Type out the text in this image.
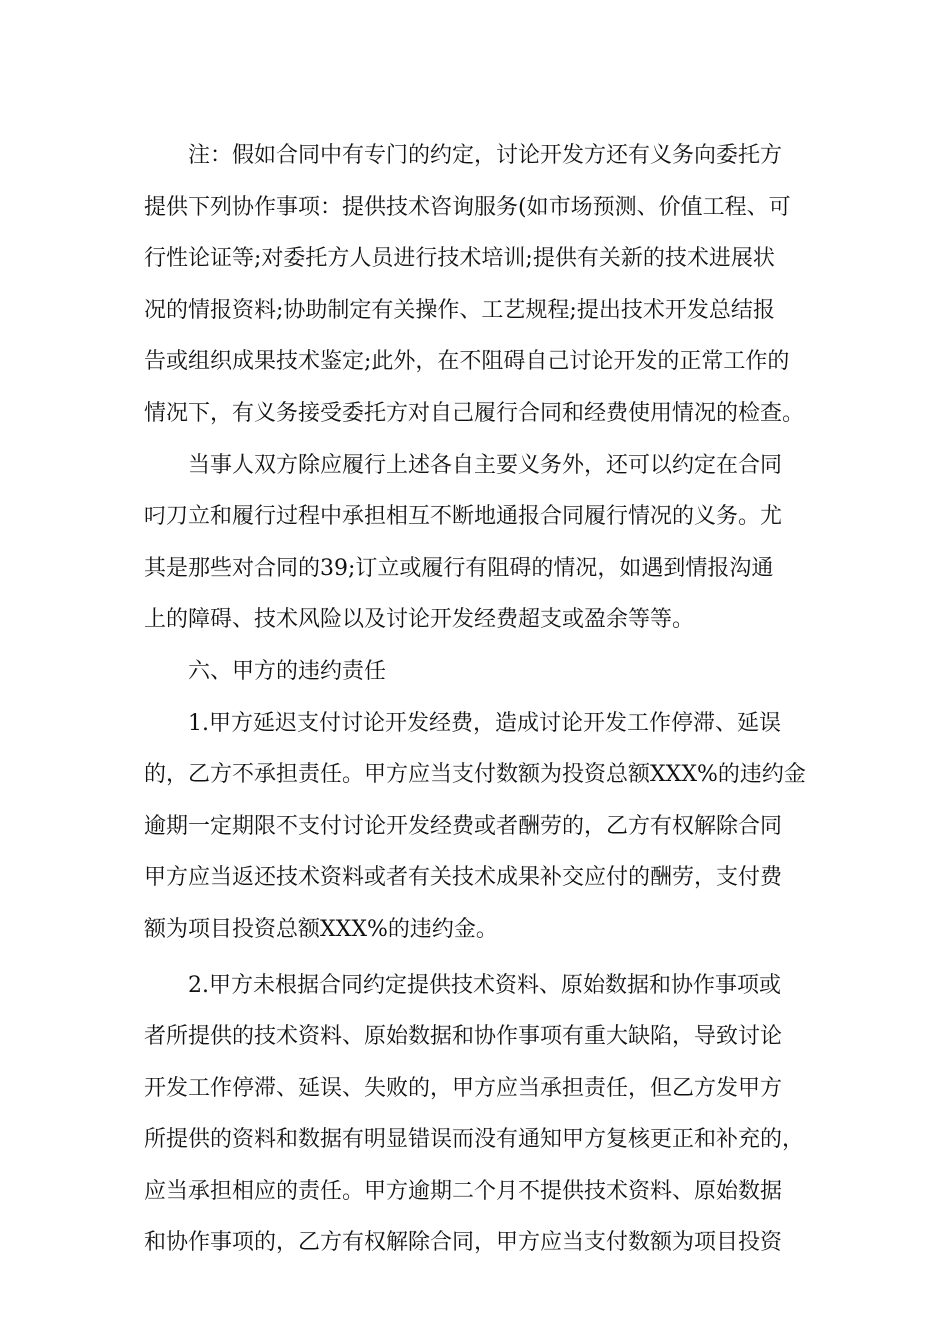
注：假如合同中有专门的约定，讨论开发方还有义务向委托方
提供下列协作事项：提供技术咨询服务(如市场预测、价值工程、可
行性论证等;对委托方人员进行技术培训;提供有关新的技术进展状
况的情报资料;协助制定有关操作、工艺规程;提出技术开发总结报
告或组织成果技术鉴定;此外，在不阻碍自己讨论开发的正常工作的
情况下，有义务接受委托方对自己履行合同和经费使用情况的检查。
当事人双方除应履行上述各自主要义务外，还可以约定在合同
叼刀立和履行过程中承担相互不断地通报合同履行情况的义务。尤
其是那些对合同的39;订立或履行有阻碍的情况，如遇到情报沟通
上的障碍、技术风险以及讨论开发经费超支或盈余等等。
六、甲方的违约责任
1.甲方延迟支付讨论开发经费，造成讨论开发工作停滞、延误
的，乙方不承担责任。甲方应当支付数额为投资总额XXX%的违约金
逾期一定期限不支付讨论开发经费或者酬劳的，乙方有权解除合同
甲方应当返还技术资料或者有关技术成果补交应付的酬劳，支付费
额为项目投资总额XXX%的违约金。
2.甲方未根据合同约定提供技术资料、原始数据和协作事项或
者所提供的技术资料、原始数据和协作事项有重大缺陷，导致讨论
开发工作停滞、延误、失败的，甲方应当承担责任，但乙方发甲方
所提供的资料和数据有明显错误而没有通知甲方复核更正和补充的，
应当承担相应的责任。甲方逾期二个月不提供技术资料、原始数据
和协作事项的，乙方有权解除合同，甲方应当支付数额为项目投资
